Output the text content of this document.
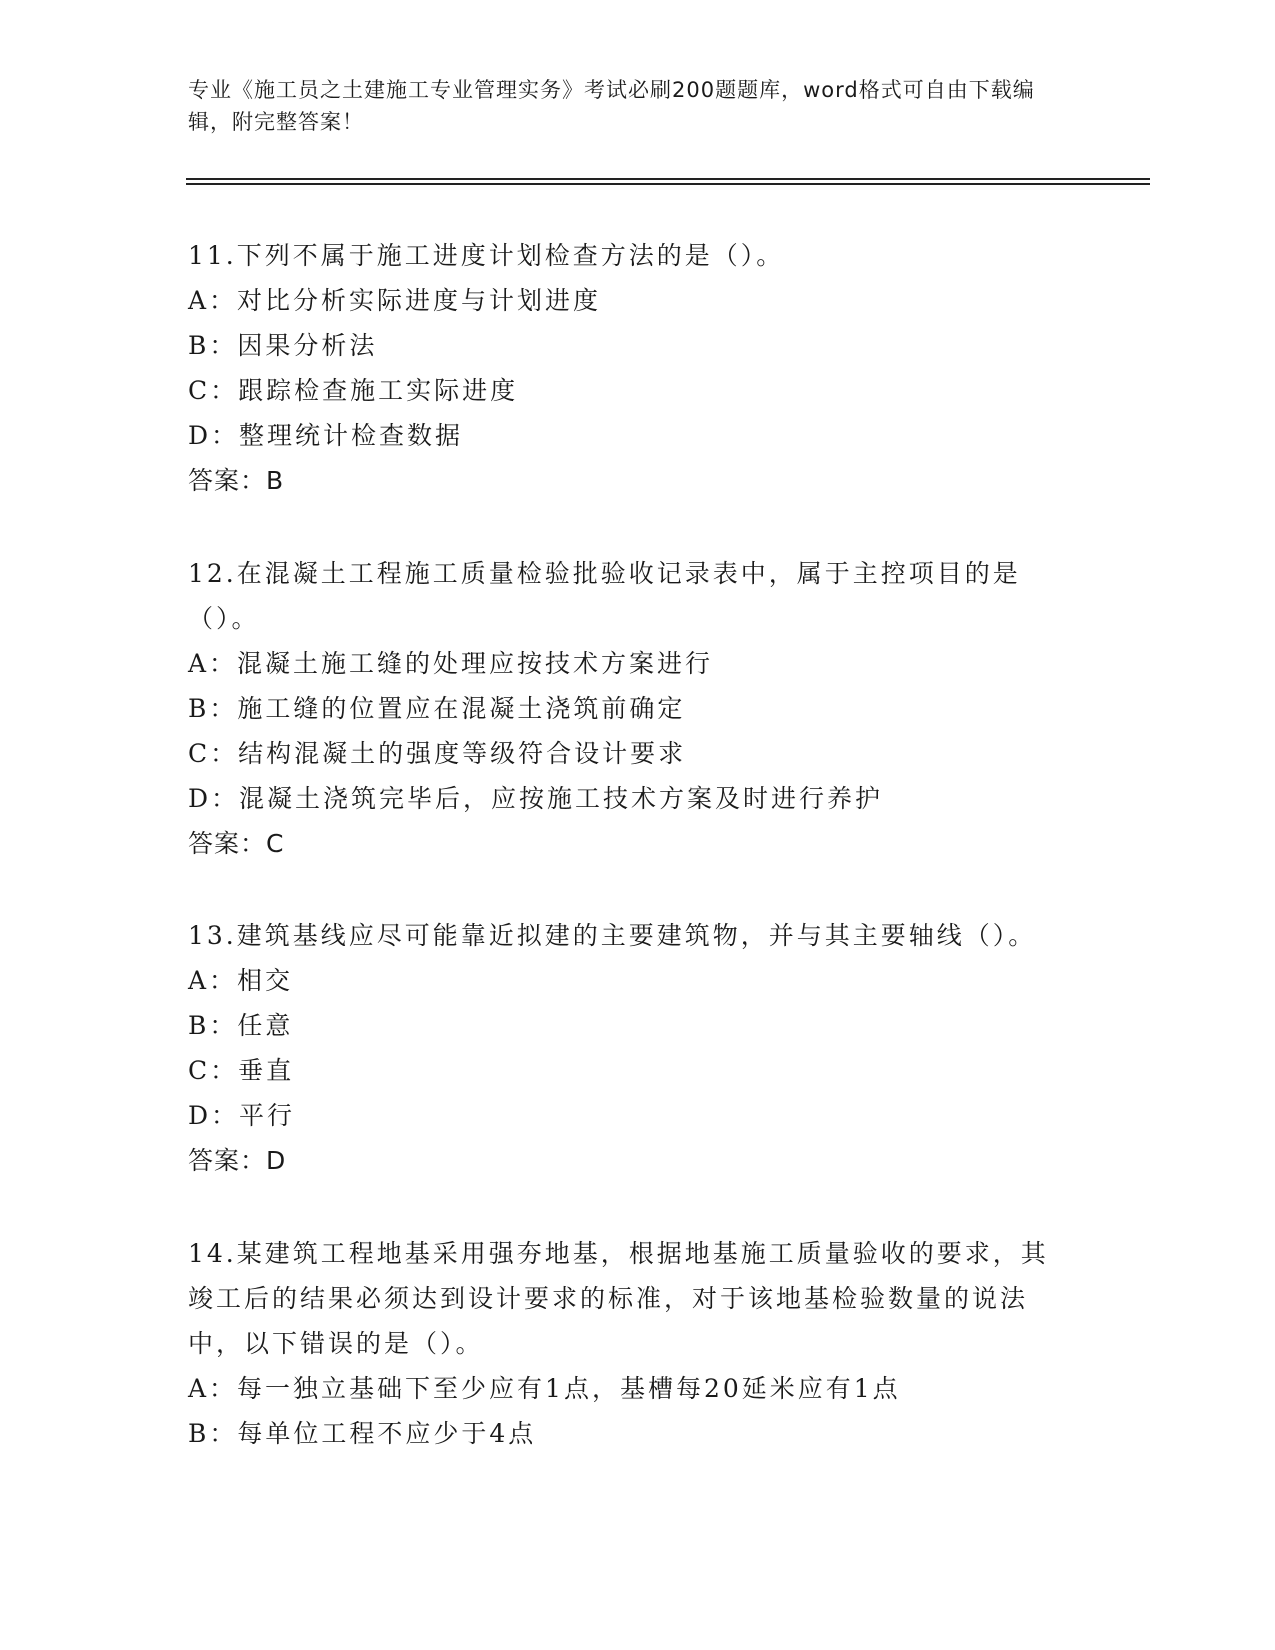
专业《施工员之土建施工专业管理实务》考试必刷200题题库，word格式可自由下载编辑，附完整答案！
11.下列不属于施工进度计划检查方法的是（）。
A：对比分析实际进度与计划进度
B：因果分析法
C：跟踪检查施工实际进度
D：整理统计检查数据
答案：B
12.在混凝土工程施工质量检验批验收记录表中，属于主控项目的是（）。
A：混凝土施工缝的处理应按技术方案进行
B：施工缝的位置应在混凝土浇筑前确定
C：结构混凝土的强度等级符合设计要求
D：混凝土浇筑完毕后，应按施工技术方案及时进行养护
答案：C
13.建筑基线应尽可能靠近拟建的主要建筑物，并与其主要轴线（）。
A：相交
B：任意
C：垂直
D：平行
答案：D
14.某建筑工程地基采用强夯地基，根据地基施工质量验收的要求，其竣工后的结果必须达到设计要求的标准，对于该地基检验数量的说法中，以下错误的是（）。
A：每一独立基础下至少应有1点，基槽每20延米应有1点
B：每单位工程不应少于4点
